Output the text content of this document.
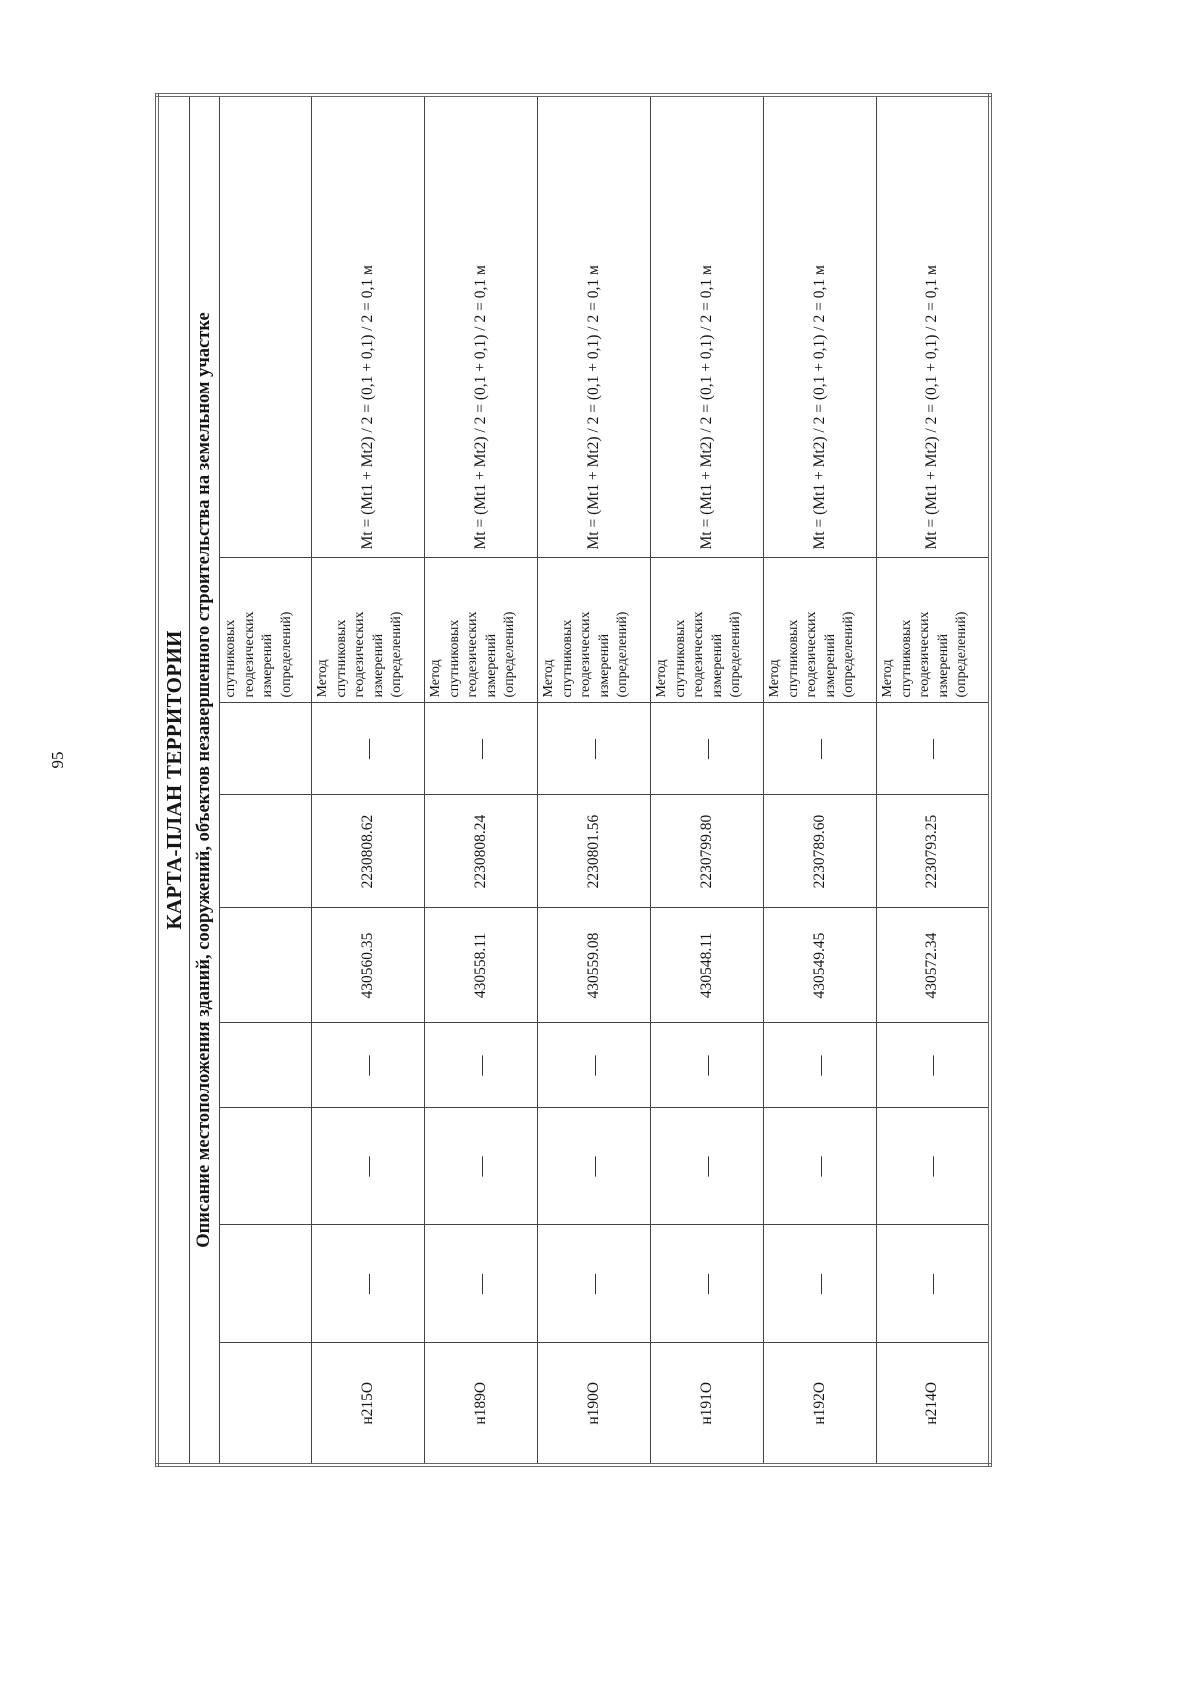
95	КАРТА-ПЛАН ТЕРРИТОРИИ								
Описание местоположения зданий, сооружений, объектов незавершенного строительства на земельном участке								

							спутниковых геодезических измерений (определений)	

н215О	—	—	—	430560.35	2230808.62	—	Метод спутниковых геодезических измерений (определений)	Mt = (Mt1 + Mt2) / 2 = (0,1 + 0,1) / 2 = 0,1 м
н189О	—	—	—	430558.11	2230808.24	—	Метод спутниковых геодезических измерений (определений)	Mt = (Mt1 + Mt2) / 2 = (0,1 + 0,1) / 2 = 0,1 м
н190О	—	—	—	430559.08	2230801.56	—	Метод спутниковых геодезических измерений (определений)	Mt = (Mt1 + Mt2) / 2 = (0,1 + 0,1) / 2 = 0,1 м
н191О	—	—	—	430548.11	2230799.80	—	Метод спутниковых геодезических измерений (определений)	Mt = (Mt1 + Mt2) / 2 = (0,1 + 0,1) / 2 = 0,1 м
н192О	—	—	—	430549.45	2230789.60	—	Метод спутниковых геодезических измерений (определений)	Mt = (Mt1 + Mt2) / 2 = (0,1 + 0,1) / 2 = 0,1 м
н214О	—	—	—	430572.34	2230793.25	—	Метод спутниковых геодезических измерений (определений)	Mt = (Mt1 + Mt2) / 2 = (0,1 + 0,1) / 2 = 0,1 м
